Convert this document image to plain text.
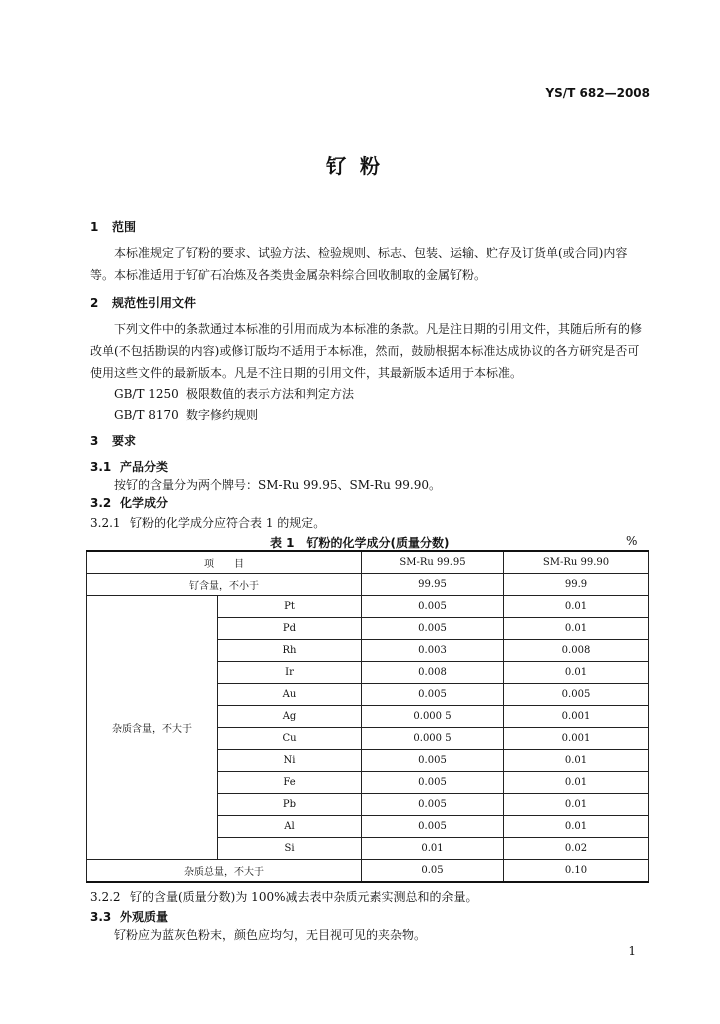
YS/T 682—2008
钌粉
1 范围
本标准规定了钌粉的要求、试验方法、检验规则、标志、包装、运输、贮存及订货单(或合同)内容等。 本标准适用于钌矿石冶炼及各类贵金属杂料综合回收制取的金属钌粉。
2 规范性引用文件
下列文件中的条款通过本标准的引用而成为本标准的条款。凡是注日期的引用文件，其随后所有的修改单(不包括勘误的内容)或修订版均不适用于本标准，然而，鼓励根据本标准达成协议的各方研究是否可使用这些文件的最新版本。凡是不注日期的引用文件，其最新版本适用于本标准。
GB/T 1250 极限数值的表示方法和判定方法
GB/T 8170 数字修约规则
3 要求
3.1 产品分类
按钌的含量分为两个牌号：SM-Ru 99.95、SM-Ru 99.90。
3.2 化学成分
3.2.1 钌粉的化学成分应符合表 1 的规定。
表 1　钌粉的化学成分(质量分数)	%
项　　目		SM-Ru 99.95	SM-Ru 99.90
钌含量，不小于		99.95	99.9
杂质含量，不大于	Pt	0.005	0.01
	Pd	0.005	0.01
	Rh	0.003	0.008
	Ir	0.008	0.01
	Au	0.005	0.005
	Ag	0.000 5	0.001
	Cu	0.000 5	0.001
	Ni	0.005	0.01
	Fe	0.005	0.01
	Pb	0.005	0.01
	Al	0.005	0.01
	Si	0.01	0.02
杂质总量，不大于		0.05	0.10
3.2.2 钌的含量(质量分数)为 100%减去表中杂质元素实测总和的余量。
3.3 外观质量
钌粉应为蓝灰色粉末，颜色应均匀，无目视可见的夹杂物。
1
